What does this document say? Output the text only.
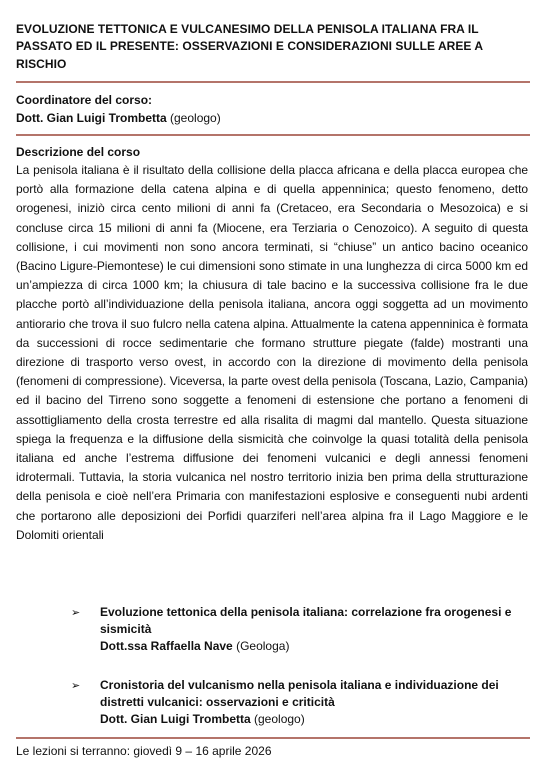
EVOLUZIONE TETTONICA E VULCANESIMO DELLA PENISOLA ITALIANA FRA IL PASSATO ED IL PRESENTE: OSSERVAZIONI E CONSIDERAZIONI SULLE AREE A RISCHIO
Coordinatore del corso:
Dott. Gian Luigi Trombetta (geologo)
Descrizione del corso
La penisola italiana è il risultato della collisione della placca africana e della placca europea che portò alla formazione della catena alpina e di quella appenninica; questo fenomeno, detto orogenesi, iniziò circa cento milioni di anni fa (Cretaceo, era Secondaria o Mesozoica) e si concluse circa 15 milioni di anni fa (Miocene, era Terziaria o Cenozoico). A seguito di questa collisione, i cui movimenti non sono ancora terminati, si “chiuse” un antico bacino oceanico (Bacino Ligure-Piemontese) le cui dimensioni sono stimate in una lunghezza di circa 5000 km ed un’ampiezza di circa 1000 km; la chiusura di tale bacino e la successiva collisione fra le due placche portò all’individuazione della penisola italiana, ancora oggi soggetta ad un movimento antiorario che trova il suo fulcro nella catena alpina. Attualmente la catena appenninica è formata da successioni di rocce sedimentarie che formano strutture piegate (falde) mostranti una direzione di trasporto verso ovest, in accordo con la direzione di movimento della penisola (fenomeni di compressione). Viceversa, la parte ovest della penisola (Toscana, Lazio, Campania) ed il bacino del Tirreno sono soggette a fenomeni di estensione che portano a fenomeni di assottigliamento della crosta terrestre ed alla risalita di magmi dal mantello. Questa situazione spiega la frequenza e la diffusione della sismicità che coinvolge la quasi totalità della penisola italiana ed anche l’estrema diffusione dei fenomeni vulcanici e degli annessi fenomeni idrotermali. Tuttavia, la storia vulcanica nel nostro territorio inizia ben prima della strutturazione della penisola e cioè nell’era Primaria con manifestazioni esplosive e conseguenti nubi ardenti che portarono alle deposizioni dei Porfidi quarziferi nell’area alpina fra il Lago Maggiore e le Dolomiti orientali
➢ Evoluzione tettonica della penisola italiana: correlazione fra orogenesi e sismicità
Dott.ssa Raffaella Nave (Geologa)
➢ Cronistoria del vulcanismo nella penisola italiana e individuazione dei distretti vulcanici: osservazioni e criticità
Dott. Gian Luigi Trombetta (geologo)
Le lezioni si terranno: giovedì 9 – 16 aprile 2026
